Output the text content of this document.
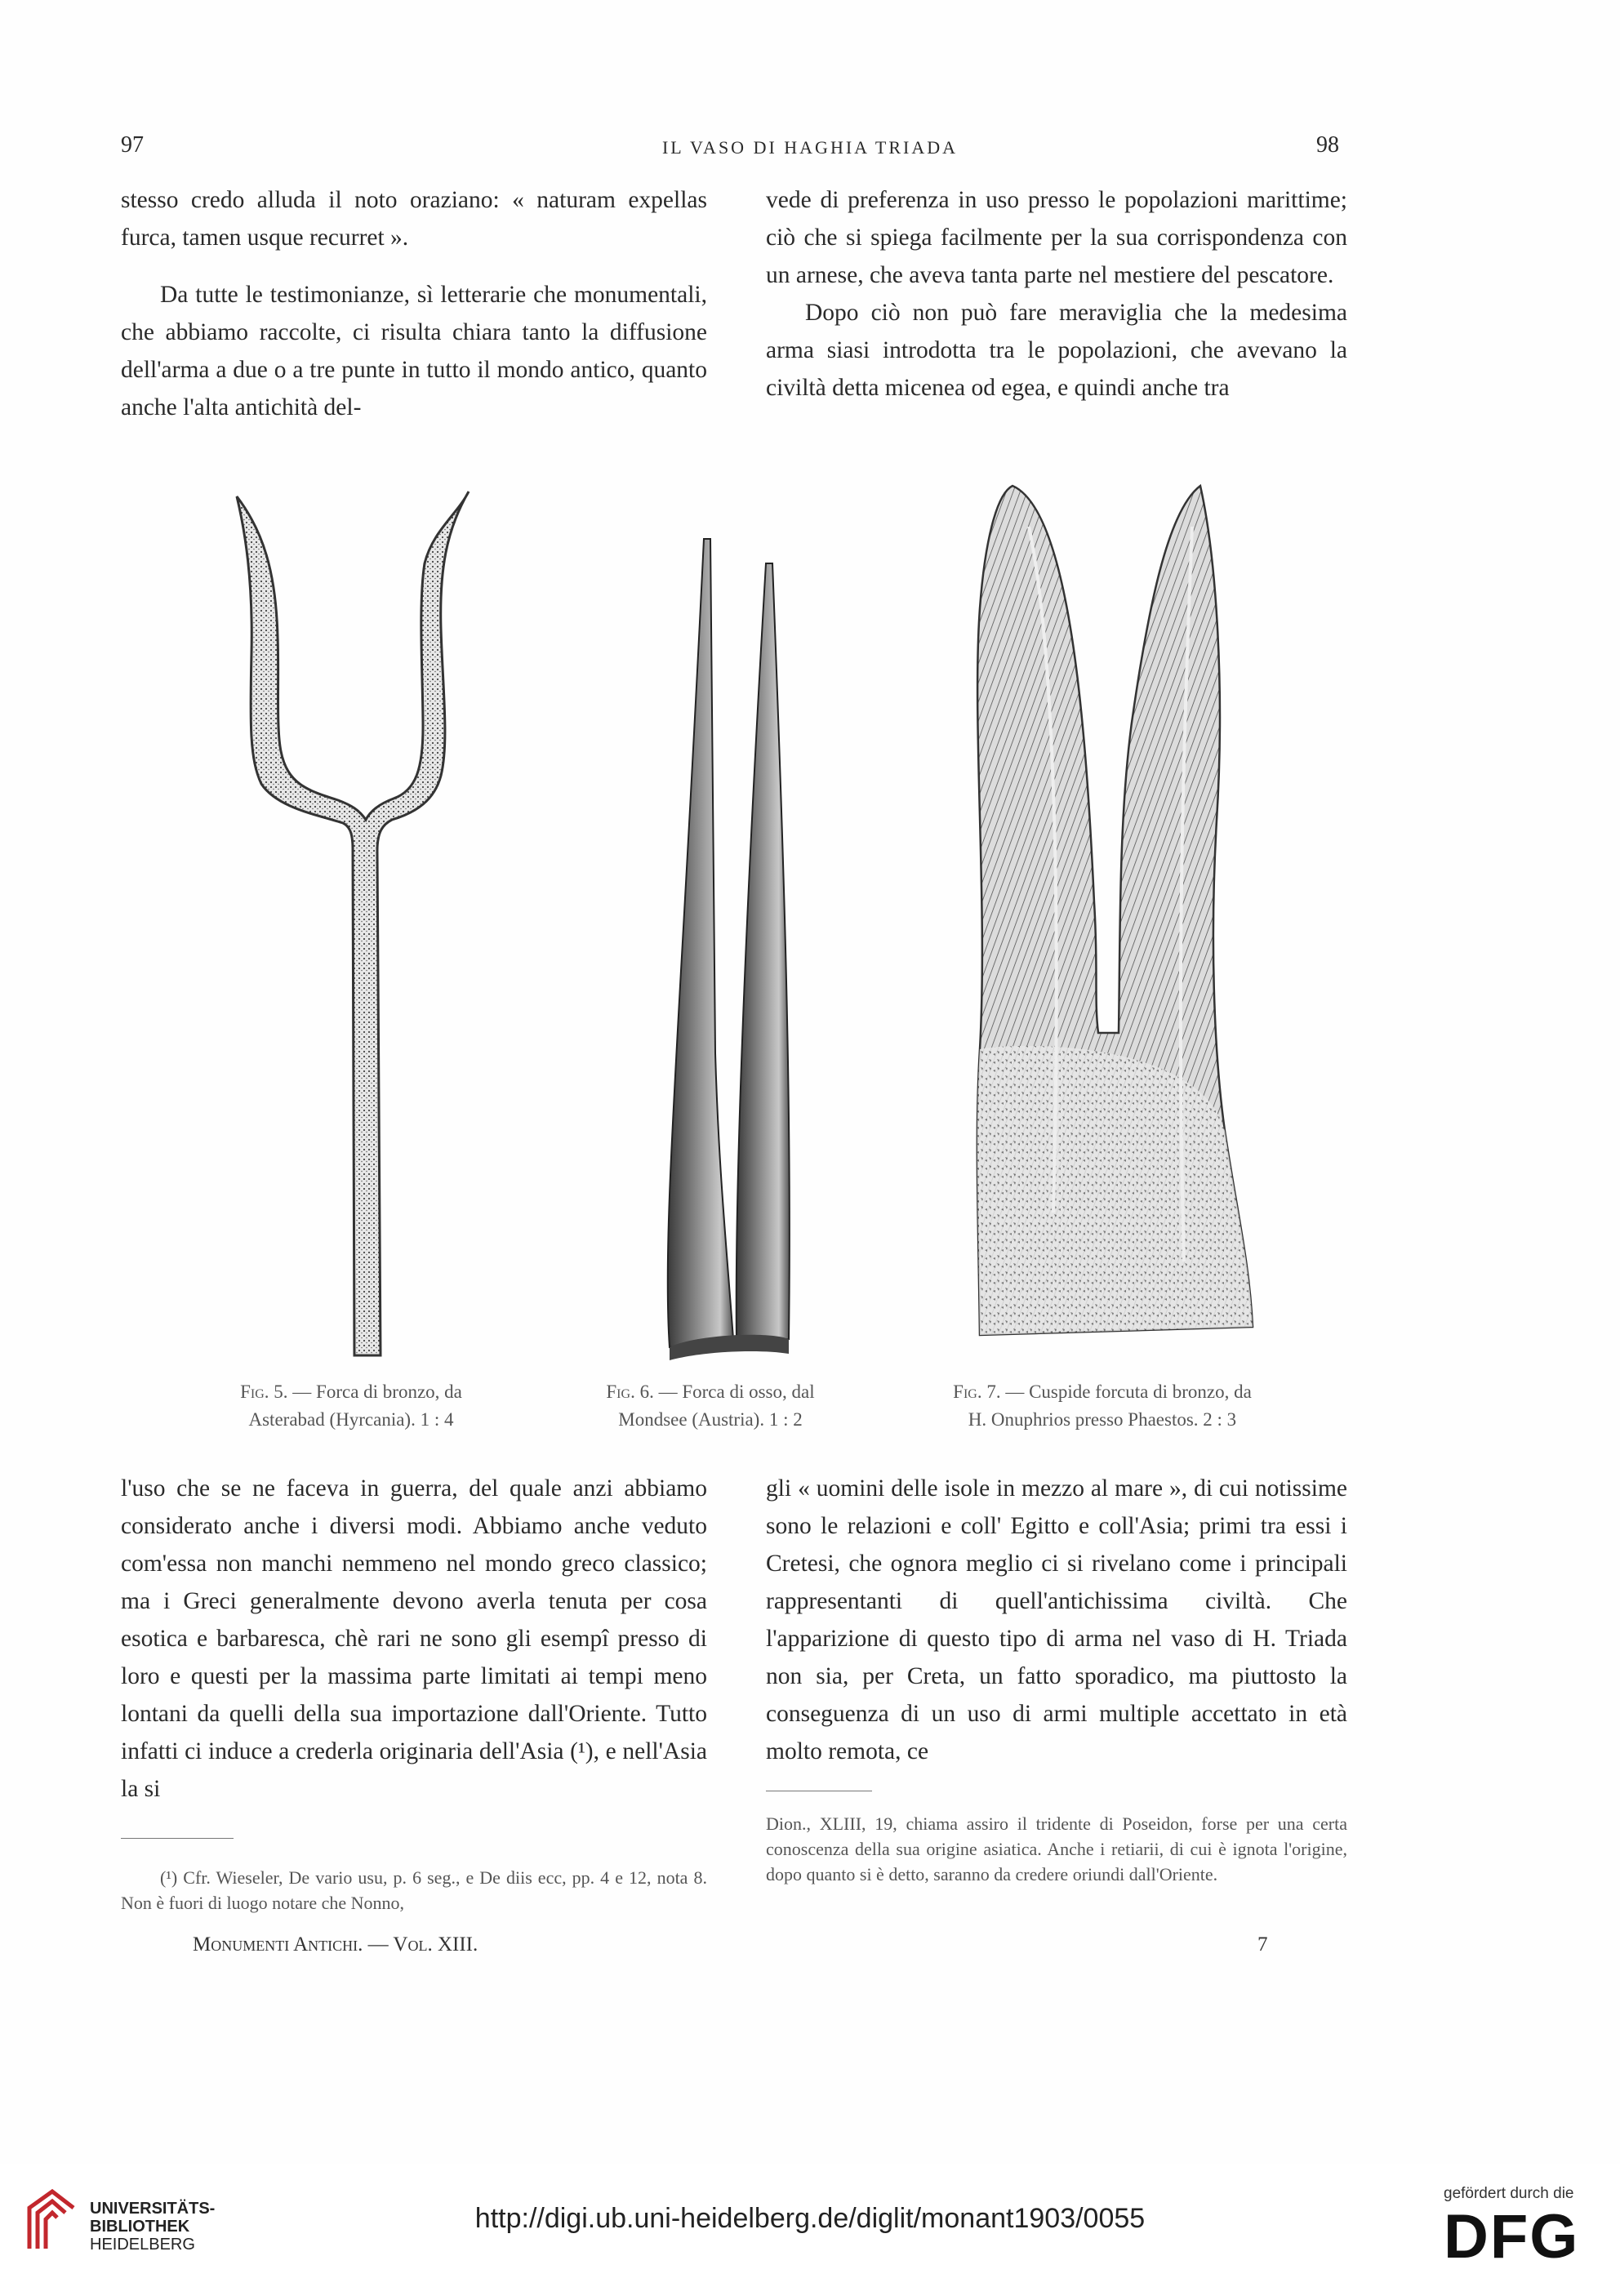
97	IL VASO DI HAGHIA TRIADA	98

stesso credo alluda il noto oraziano: « naturam expellas furca, tamen usque recurret ».

Da tutte le testimonianze, sì letterarie che monumentali, che abbiamo raccolte, ci risulta chiara tanto la diffusione dell'arma a due o a tre punte in tutto il mondo antico, quanto anche l'alta antichità del-

vede di preferenza in uso presso le popolazioni marittime; ciò che si spiega facilmente per la sua corrispondenza con un arnese, che aveva tanta parte nel mestiere del pescatore.

Dopo ciò non può fare meraviglia che la medesima arma siasi introdotta tra le popolazioni, che avevano la civiltà detta micenea od egea, e quindi anche tra

Fig. 5. — Forca di bronzo, da
Asterabad (Hyrcania). 1 : 4
Fig. 6. — Forca di osso, dal
Mondsee (Austria). 1 : 2
Fig. 7. — Cuspide forcuta di bronzo, da
H. Onuphrios presso Phaestos. 2 : 3
l'uso che se ne faceva in guerra, del quale anzi abbiamo considerato anche i diversi modi. Abbiamo anche veduto com'essa non manchi nemmeno nel mondo greco classico; ma i Greci generalmente devono averla tenuta per cosa esotica e barbaresca, chè rari ne sono gli esempî presso di loro e questi per la massima parte limitati ai tempi meno lontani da quelli della sua importazione dall'Oriente. Tutto infatti ci induce a crederla originaria dell'Asia (¹), e nell'Asia la si
gli « uomini delle isole in mezzo al mare », di cui notissime sono le relazioni e coll' Egitto e coll'Asia; primi tra essi i Cretesi, che ognora meglio ci si rivelano come i principali rappresentanti di quell'antichissima civiltà. Che l'apparizione di questo tipo di arma nel vaso di H. Triada non sia, per Creta, un fatto sporadico, ma piuttosto la conseguenza di un uso di armi multiple accettato in età molto remota, ce
(¹) Cfr. Wieseler, De vario usu, p. 6 seg., e De diis ecc, pp. 4 e 12, nota 8. Non è fuori di luogo notare che Nonno,
Dion., XLIII, 19, chiama assiro il tridente di Poseidon, forse per una certa conoscenza della sua origine asiatica. Anche i retiarii, di cui è ignota l'origine, dopo quanto si è detto, saranno da credere oriundi dall'Oriente.
Monumenti Antichi. — Vol. XIII.	7
UNIVERSITÄTS-
BIBLIOTHEK
HEIDELBERG
http://digi.ub.uni-heidelberg.de/diglit/monant1903/0055
gefördert durch die
DFG
